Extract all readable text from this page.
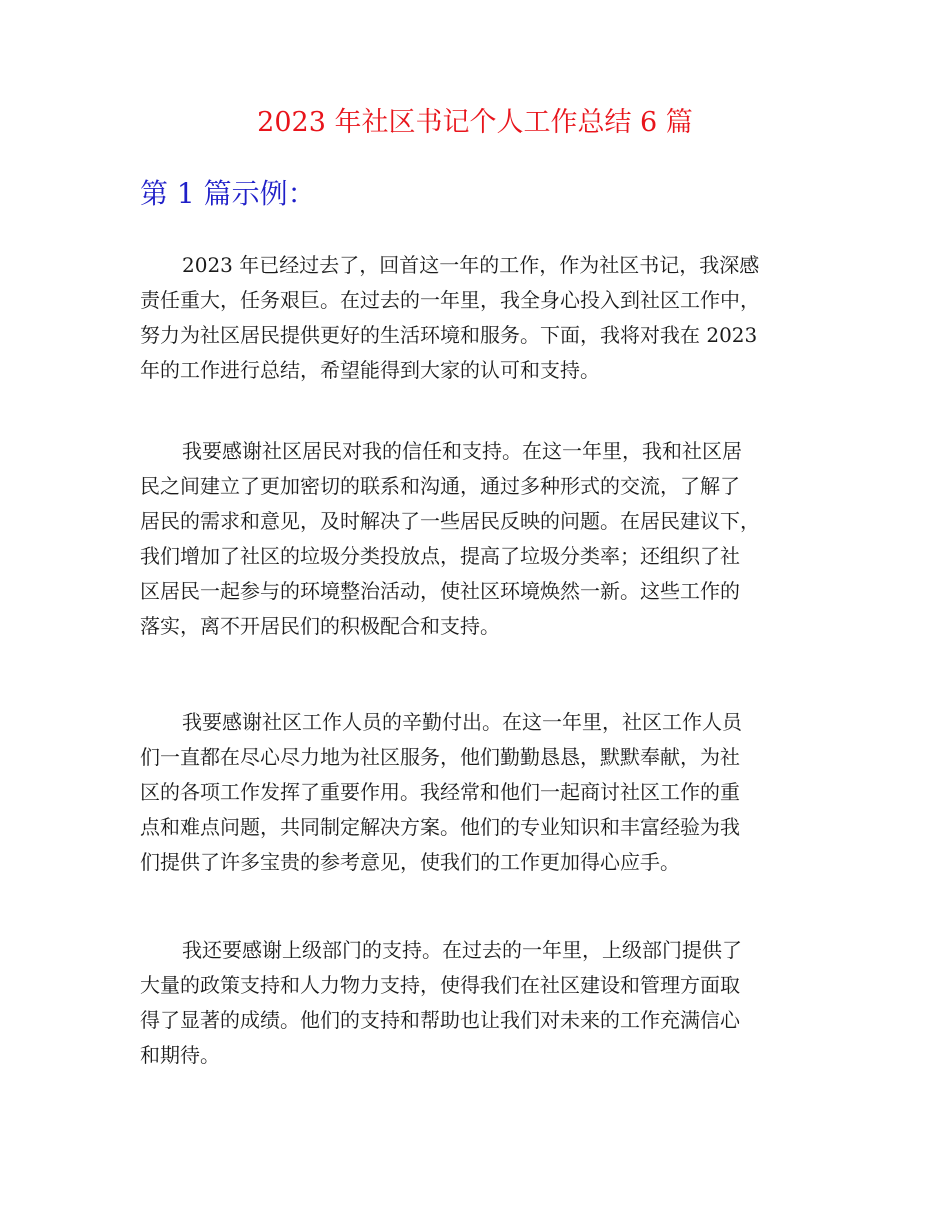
2023 年社区书记个人工作总结 6 篇
第 1 篇示例：
2023 年已经过去了，回首这一年的工作，作为社区书记，我深感
责任重大，任务艰巨。在过去的一年里，我全身心投入到社区工作中，
努力为社区居民提供更好的生活环境和服务。下面，我将对我在 2023
年的工作进行总结，希望能得到大家的认可和支持。
我要感谢社区居民对我的信任和支持。在这一年里，我和社区居
民之间建立了更加密切的联系和沟通，通过多种形式的交流，了解了
居民的需求和意见，及时解决了一些居民反映的问题。在居民建议下，
我们增加了社区的垃圾分类投放点，提高了垃圾分类率；还组织了社
区居民一起参与的环境整治活动，使社区环境焕然一新。这些工作的
落实，离不开居民们的积极配合和支持。
我要感谢社区工作人员的辛勤付出。在这一年里，社区工作人员
们一直都在尽心尽力地为社区服务，他们勤勤恳恳，默默奉献，为社
区的各项工作发挥了重要作用。我经常和他们一起商讨社区工作的重
点和难点问题，共同制定解决方案。他们的专业知识和丰富经验为我
们提供了许多宝贵的参考意见，使我们的工作更加得心应手。
我还要感谢上级部门的支持。在过去的一年里，上级部门提供了
大量的政策支持和人力物力支持，使得我们在社区建设和管理方面取
得了显著的成绩。他们的支持和帮助也让我们对未来的工作充满信心
和期待。
